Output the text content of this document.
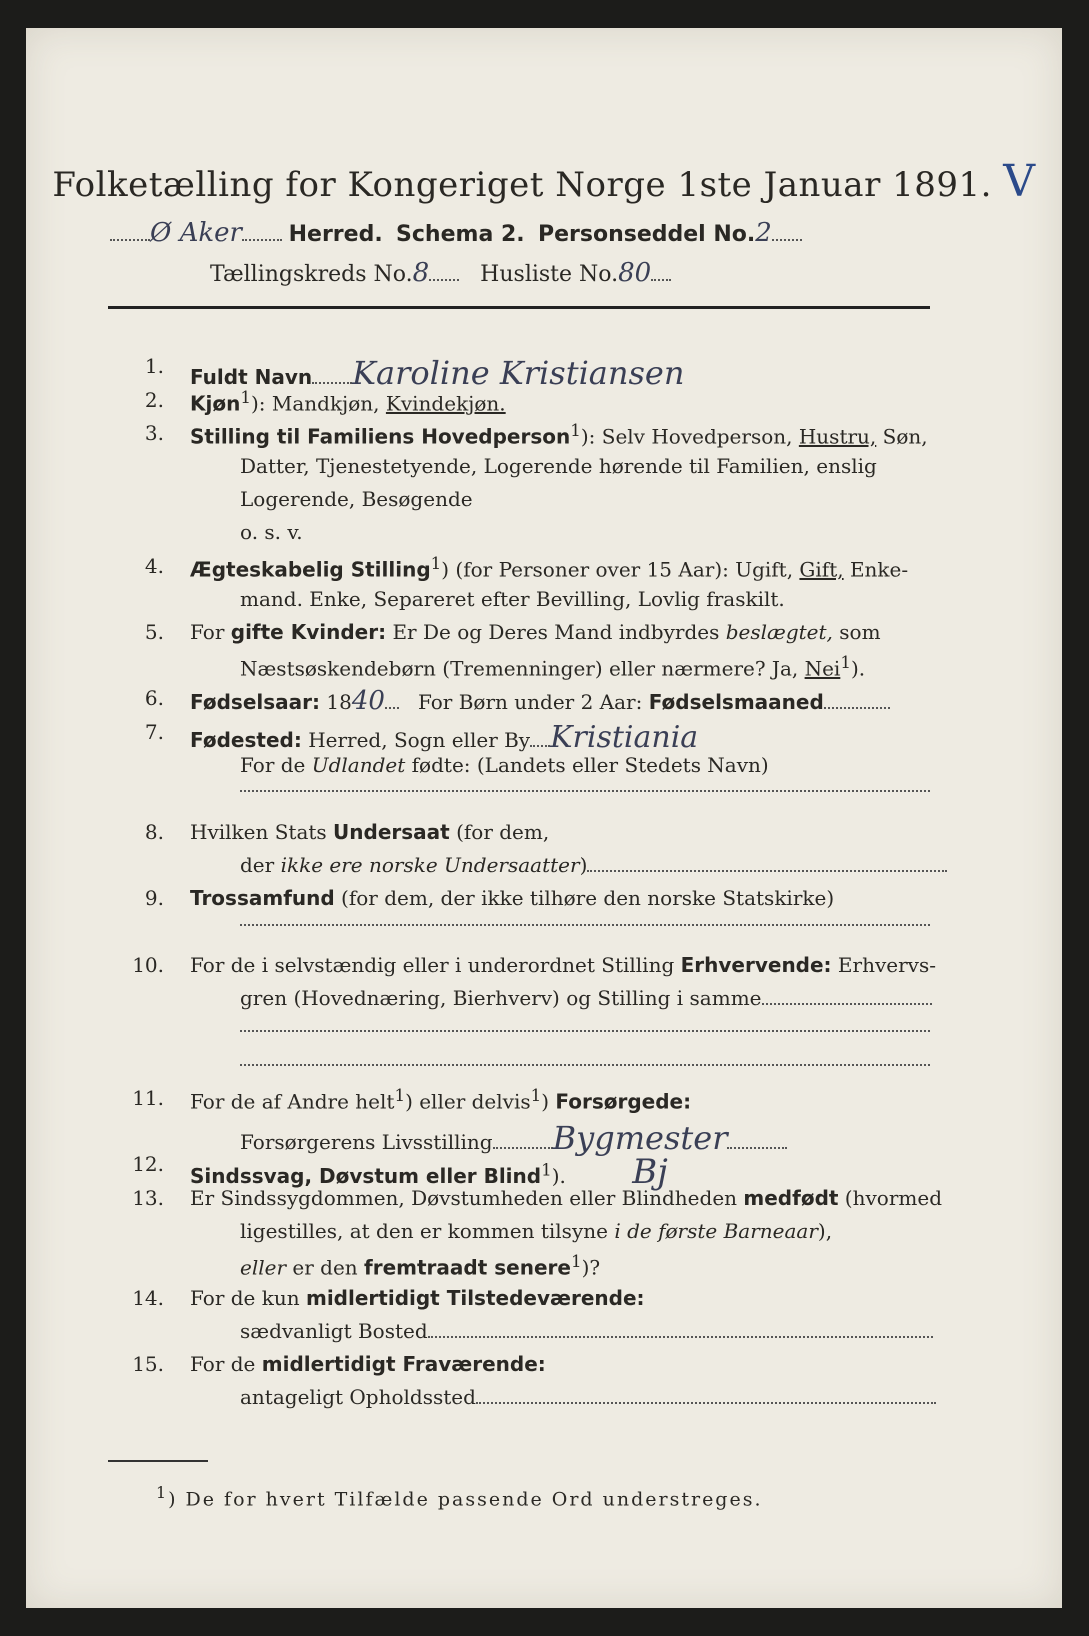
Folketælling for Kongeriget Norge 1ste Januar 1891. V
Ø Aker Herred. Schema 2. Personseddel No.2
Tællingskreds No.8 Husliste No.80
1. Fuldt Navn Karoline Kristiansen
2. Kjøn$^1$): Mandkjøn, Kvindekjøn.
3. Stilling til Familiens Hovedperson$^1$): Selv Hovedperson, Hustru, Søn,
Datter, Tjenestetyende, Logerende hørende til Familien, enslig
Logerende, Besøgende
o. s. v.
4. Ægteskabelig Stilling$^1$) (for Personer over 15 Aar): Ugift, Gift, Enke-
mand. Enke, Separeret efter Bevilling, Lovlig fraskilt.
5. For gifte Kvinder: Er De og Deres Mand indbyrdes beslægtet, som
Næstsøskendebørn (Tremenninger) eller nærmere? Ja, Nei$^1$).
6. Fødselsaar: 1840 For Børn under 2 Aar: Fødselsmaaned
7. Fødested: Herred, Sogn eller By Kristiania
For de Udlandet fødte: (Landets eller Stedets Navn)
8. Hvilken Stats Undersaat (for dem,
der ikke ere norske Undersaatter)
9. Trossamfund (for dem, der ikke tilhøre den norske Statskirke)
10. For de i selvstændig eller i underordnet Stilling Erhvervende: Erhvervs-
gren (Hovednæring, Bierhverv) og Stilling i samme
11. For de af Andre helt$^1$) eller delvis$^1$) Forsørgede:
Forsørgerens Livsstilling Bygmester
12. Sindssvag, Døvstum eller Blind$^1$). Bj
13. Er Sindssygdommen, Døvstumheden eller Blindheden medfødt (hvormed
ligestilles, at den er kommen tilsyne i de første Barneaar),
eller er den fremtraadt senere$^1$)?
14. For de kun midlertidigt Tilstedeværende:
sædvanligt Bosted
15. For de midlertidigt Fraværende:
antageligt Opholdssted
$^1$) De for hvert Tilfælde passende Ord understreges.
